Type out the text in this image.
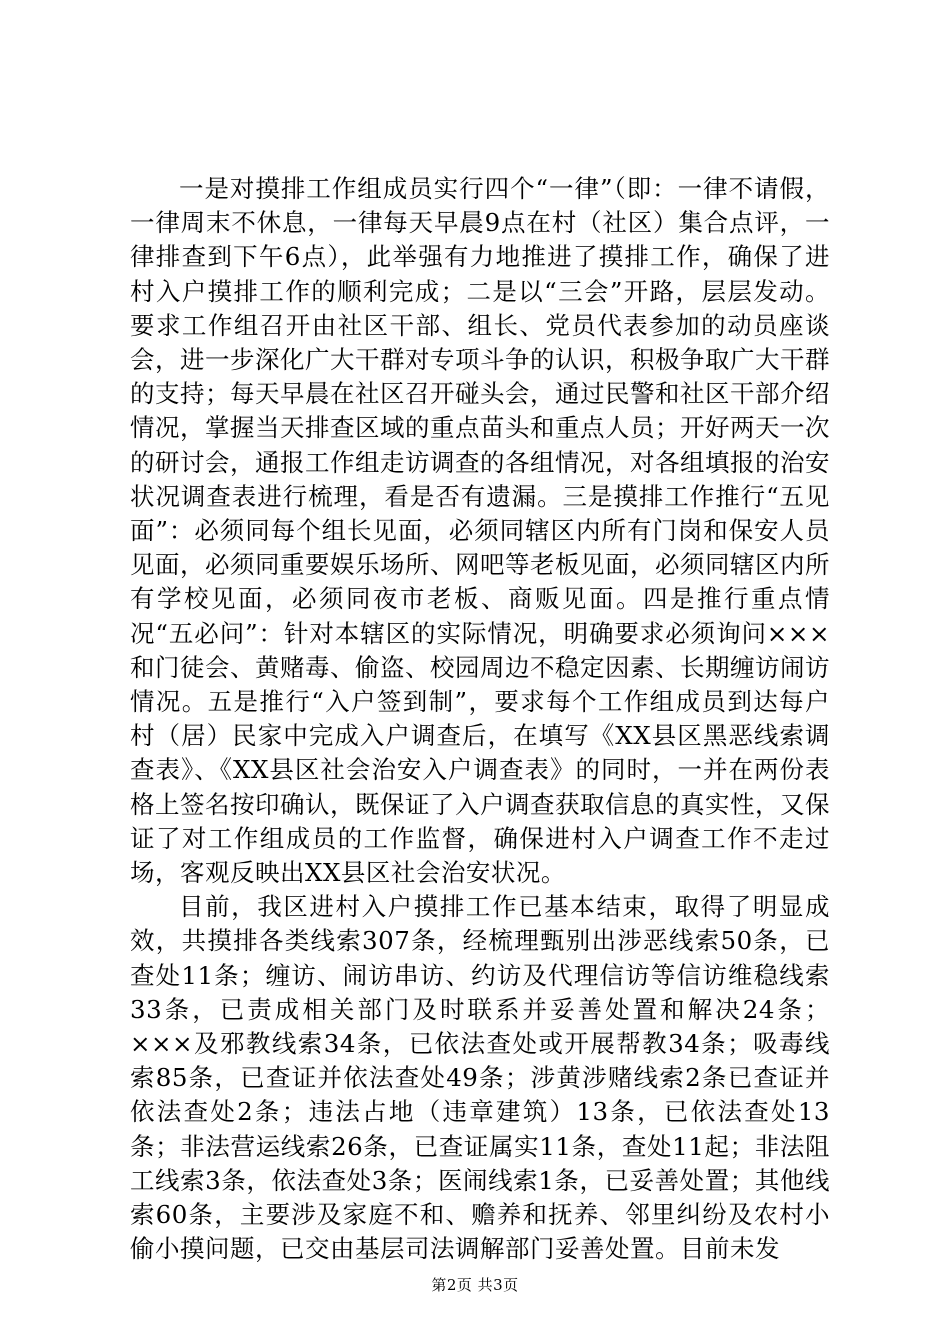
一是对摸排工作组成员实行四个“一律”（即：一律不请假，一律周末不休息，一律每天早晨9点在村（社区）集合点评，一律排查到下午6点），此举强有力地推进了摸排工作，确保了进村入户摸排工作的顺利完成；二是以“三会”开路，层层发动。要求工作组召开由社区干部、组长、党员代表参加的动员座谈会，进一步深化广大干群对专项斗争的认识，积极争取广大干群的支持；每天早晨在社区召开碰头会，通过民警和社区干部介绍情况，掌握当天排查区域的重点苗头和重点人员；开好两天一次的研讨会，通报工作组走访调查的各组情况，对各组填报的治安状况调查表进行梳理，看是否有遗漏。三是摸排工作推行“五见面”：必须同每个组长见面，必须同辖区内所有门岗和保安人员见面，必须同重要娱乐场所、网吧等老板见面，必须同辖区内所有学校见面，必须同夜市老板、商贩见面。四是推行重点情况“五必问”：针对本辖区的实际情况，明确要求必须询问×××和门徒会、黄赌毒、偷盗、校园周边不稳定因素、长期缠访闹访情况。五是推行“入户签到制”，要求每个工作组成员到达每户村（居）民家中完成入户调查后，在填写《XX县区黑恶线索调查表》、《XX县区社会治安入户调查表》的同时，一并在两份表格上签名按印确认，既保证了入户调查获取信息的真实性，又保证了对工作组成员的工作监督，确保进村入户调查工作不走过场，客观反映出XX县区社会治安状况。

目前，我区进村入户摸排工作已基本结束，取得了明显成效，共摸排各类线索307条，经梳理甄别出涉恶线索50条，已查处11条；缠访、闹访串访、约访及代理信访等信访维稳线索33条，已责成相关部门及时联系并妥善处置和解决24条；×××及邪教线索34条，已依法查处或开展帮教34条；吸毒线索85条，已查证并依法查处49条；涉黄涉赌线索2条已查证并依法查处2条；违法占地（违章建筑）13条，已依法查处13条；非法营运线索26条，已查证属实11条，查处11起；非法阻工线索3条，依法查处3条；医闹线索1条，已妥善处置；其他线索60条，主要涉及家庭不和、赡养和抚养、邻里纠纷及农村小偷小摸问题，已交由基层司法调解部门妥善处置。目前未发

第2页 共3页
